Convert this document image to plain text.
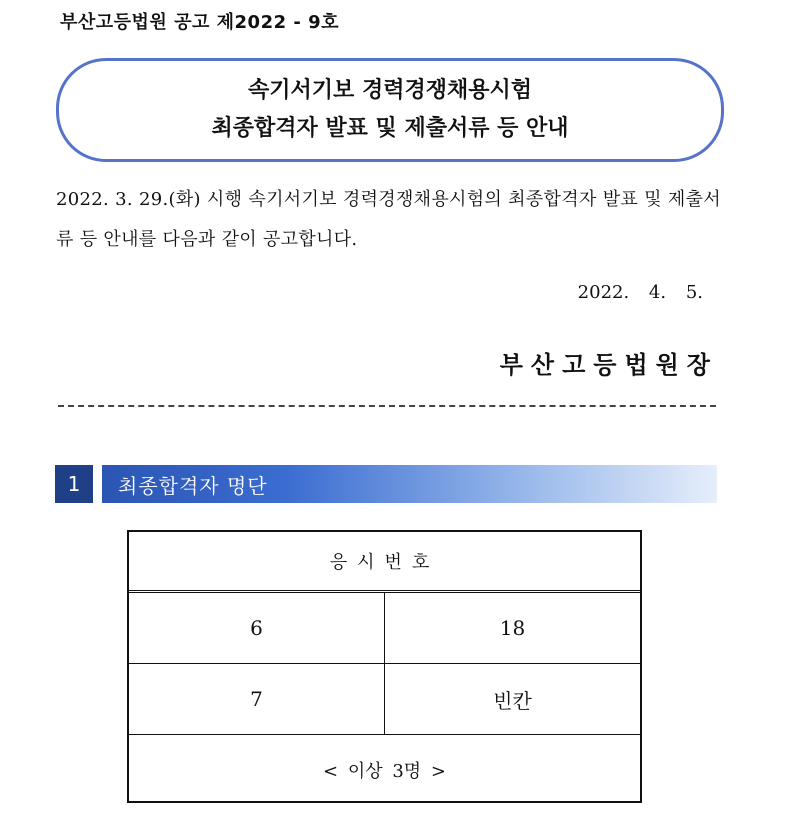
부산고등법원 공고 제2022 - 9호
속기서기보 경력경쟁채용시험
최종합격자 발표 및 제출서류 등 안내
2022. 3. 29.(화) 시행 속기서기보 경력경쟁채용시험의 최종합격자 발표 및 제출서류 등 안내를 다음과 같이 공고합니다.
2022. 4. 5.
부산고등법원장
1	최종합격자 명단
응시번호
6	18
7	빈칸
< 이상 3명 >
